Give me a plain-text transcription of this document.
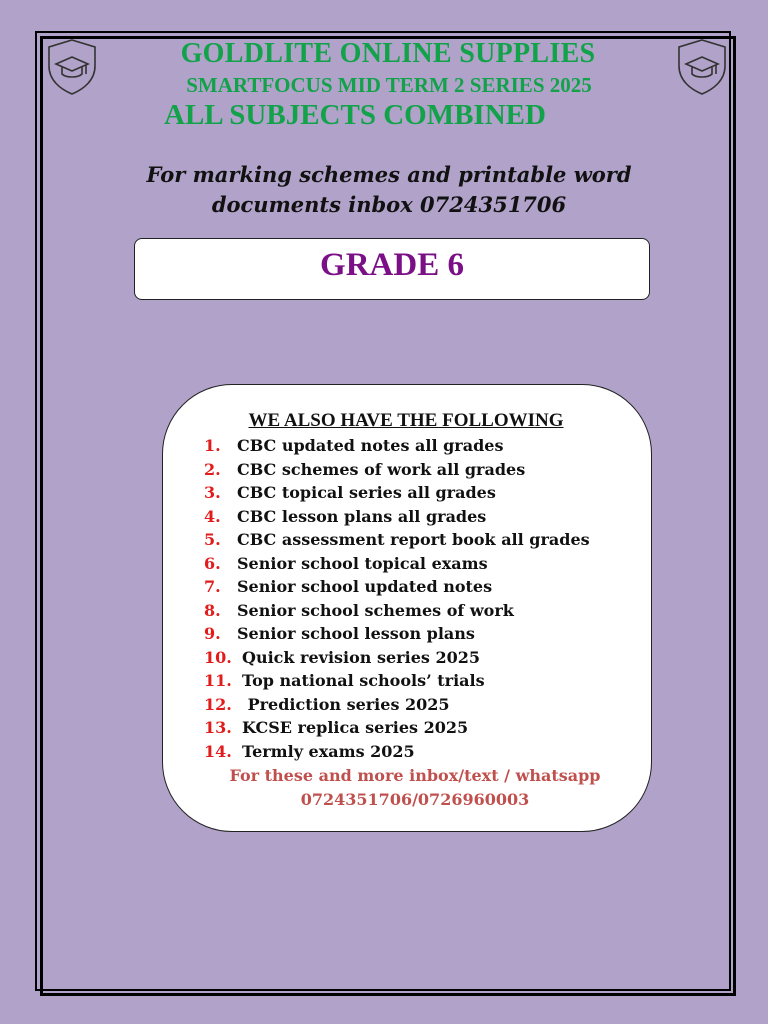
GOLDLITE ONLINE SUPPLIES
SMARTFOCUS MID TERM 2 SERIES 2025
ALL SUBJECTS COMBINED
For marking schemes and printable word
documents inbox 0724351706
GRADE 6
WE ALSO HAVE THE FOLLOWING
1. CBC updated notes all grades
2. CBC schemes of work all grades
3. CBC topical series all grades
4. CBC lesson plans all grades
5. CBC assessment report book all grades
6. Senior school topical exams
7. Senior school updated notes
8. Senior school schemes of work
9. Senior school lesson plans
10. Quick revision series 2025
11. Top national schools’ trials
12. Prediction series 2025
13. KCSE replica series 2025
14. Termly exams 2025
For these and more inbox/text / whatsapp
0724351706/0726960003
